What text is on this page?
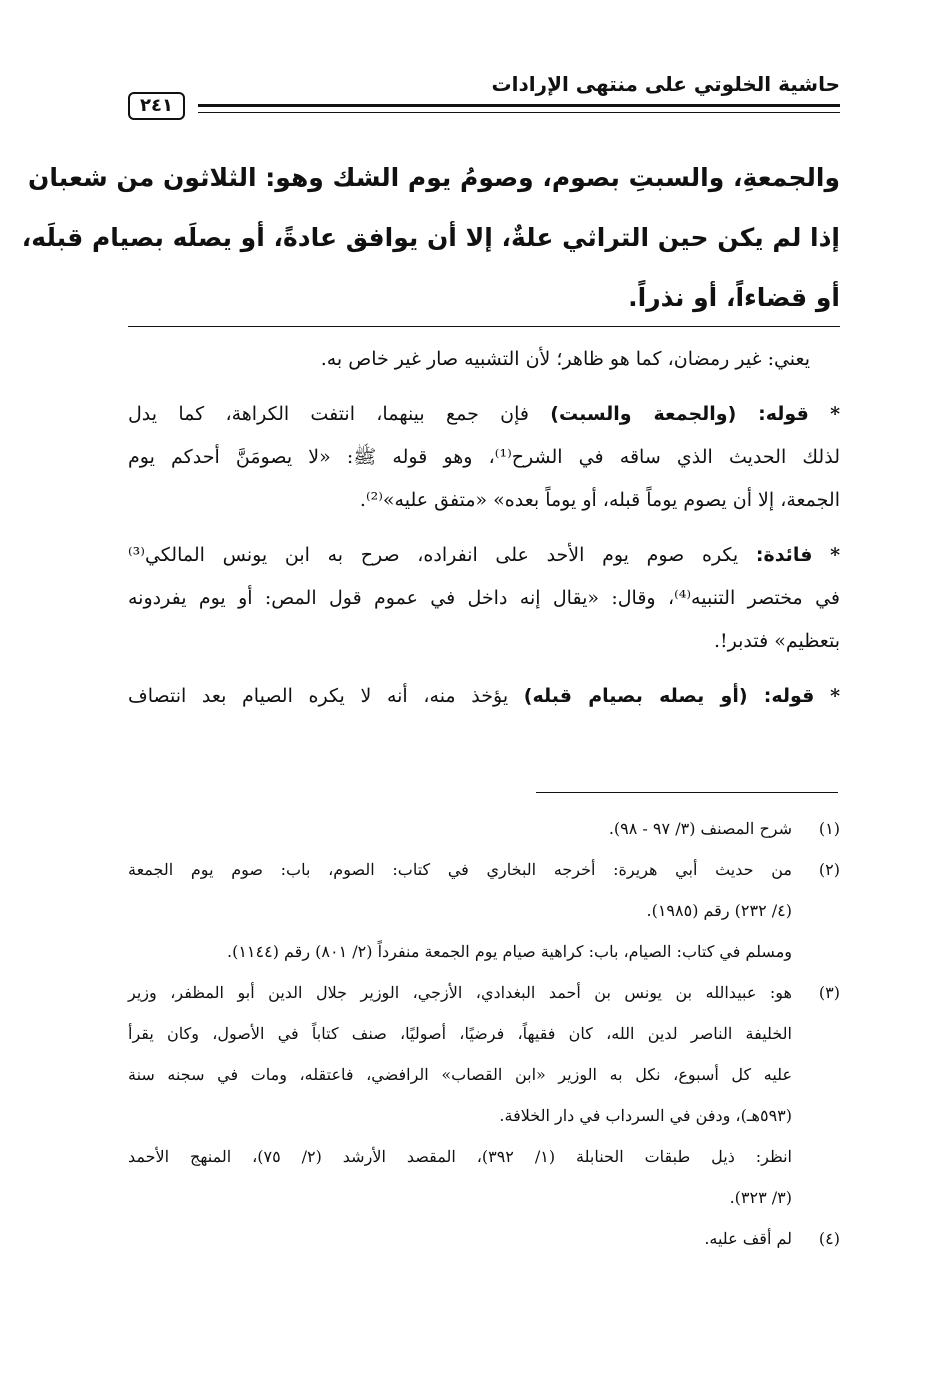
حاشية الخلوتي على منتهى الإرادات
٢٤١
والجمعةِ، والسبتِ بصوم، وصومُ يوم الشك وهو: الثلاثون من شعبان
إذا لم يكن حين التراثي علةٌ، إلا أن يوافق عادةً، أو يصلَه بصيام قبلَه،
أو قضاءاً، أو نذراً.
يعني: غير رمضان، كما هو ظاهر؛ لأن التشبيه صار غير خاص به.
* قوله: (والجمعة والسبت) فإن جمع بينهما، انتفت الكراهة، كما يدل
لذلك الحديث الذي ساقه في الشرح⁽¹⁾، وهو قوله ﷺ: «لا يصومَنَّ أحدكم يوم
الجمعة، إلا أن يصوم يوماً قبله، أو يوماً بعده» «متفق عليه»⁽²⁾.
* فائدة: يكره صوم يوم الأحد على انفراده، صرح به ابن يونس المالكي⁽³⁾
في مختصر التنبيه⁽⁴⁾، وقال: «يقال إنه داخل في عموم قول المص: أو يوم يفردونه
بتعظيم» فتدبر!.
* قوله: (أو يصله بصيام قبله) يؤخذ منه، أنه لا يكره الصيام بعد انتصاف
(١)
شرح المصنف (٣/ ٩٧ - ٩٨).
(٢)
من حديث أبي هريرة: أخرجه البخاري في كتاب: الصوم، باب: صوم يوم الجمعة
(٤/ ٢٣٢) رقم (١٩٨٥).
ومسلم في كتاب: الصيام، باب: كراهية صيام يوم الجمعة منفرداً (٢/ ٨٠١) رقم (١١٤٤).
(٣)
هو: عبيدالله بن يونس بن أحمد البغدادي، الأزجي، الوزير جلال الدين أبو المظفر، وزير
الخليفة الناصر لدين الله، كان فقيهاً، فرضيًا، أصوليًا، صنف كتاباً في الأصول، وكان يقرأ
عليه كل أسبوع، نكل به الوزير «ابن القصاب» الرافضي، فاعتقله، ومات في سجنه سنة
(٥٩٣هـ)، ودفن في السرداب في دار الخلافة.
انظر: ذيل طبقات الحنابلة (١/ ٣٩٢)، المقصد الأرشد (٢/ ٧٥)، المنهج الأحمد
(٣/ ٣٢٣).
(٤)
لم أقف عليه.
